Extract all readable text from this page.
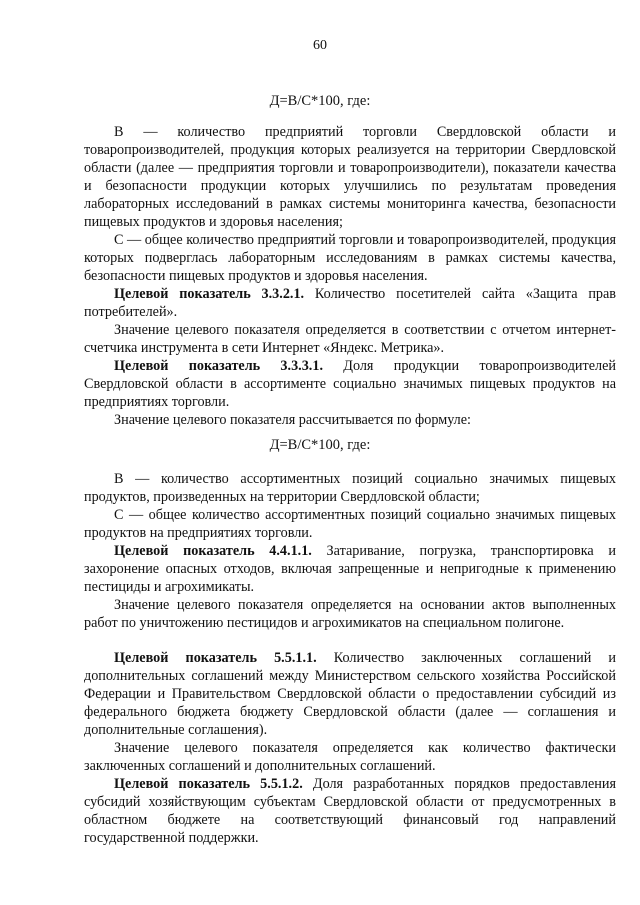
60
Д=В/С*100, где:
В — количество предприятий торговли Свердловской области и товаропроизводителей, продукция которых реализуется на территории Свердловской области (далее — предприятия торговли и товаропроизводители), показатели качества и безопасности продукции которых улучшились по результатам проведения лабораторных исследований в рамках системы мониторинга качества, безопасности пищевых продуктов и здоровья населения;
С — общее количество предприятий торговли и товаропроизводителей, продукция которых подверглась лабораторным исследованиям в рамках системы качества, безопасности пищевых продуктов и здоровья населения.
Целевой показатель 3.3.2.1. Количество посетителей сайта «Защита прав потребителей».
Значение целевого показателя определяется в соответствии с отчетом интернет-счетчика инструмента в сети Интернет «Яндекс. Метрика».
Целевой показатель 3.3.3.1. Доля продукции товаропроизводителей Свердловской области в ассортименте социально значимых пищевых продуктов на предприятиях торговли.
Значение целевого показателя рассчитывается по формуле:
Д=В/С*100, где:
В — количество ассортиментных позиций социально значимых пищевых продуктов, произведенных на территории Свердловской области;
С — общее количество ассортиментных позиций социально значимых пищевых продуктов на предприятиях торговли.
Целевой показатель 4.4.1.1. Затаривание, погрузка, транспортировка и захоронение опасных отходов, включая запрещенные и непригодные к применению пестициды и агрохимикаты.
Значение целевого показателя определяется на основании актов выполненных работ по уничтожению пестицидов и агрохимикатов на специальном полигоне.
Целевой показатель 5.5.1.1. Количество заключенных соглашений и дополнительных соглашений между Министерством сельского хозяйства Российской Федерации и Правительством Свердловской области о предоставлении субсидий из федерального бюджета бюджету Свердловской области (далее — соглашения и дополнительные соглашения).
Значение целевого показателя определяется как количество фактически заключенных соглашений и дополнительных соглашений.
Целевой показатель 5.5.1.2. Доля разработанных порядков предоставления субсидий хозяйствующим субъектам Свердловской области от предусмотренных в областном бюджете на соответствующий финансовый год направлений государственной поддержки.
